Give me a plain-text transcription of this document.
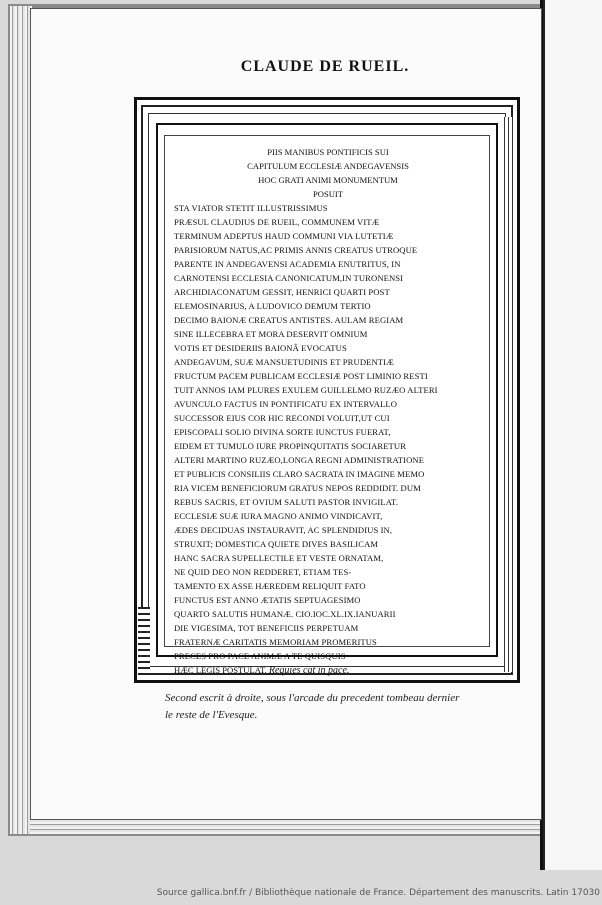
CLAUDE DE RUEIL.
PIIS MANIBUS PONTIFICIS SUI
CAPITULUM ECCLESIÆ ANDEGAVENSIS
HOC GRATI ANIMI MONUMENTUM
POSUIT
STA VIATOR STETIT ILLUSTRISSIMUS
PRÆSUL CLAUDIUS DE RUEIL, COMMUNEM VITÆ
TERMINUM ADEPTUS HAUD COMMUNI VIA LUTETIÆ
PARISIORUM NATUS,AC PRIMIS ANNIS CREATUS UTROQUE
PARENTE IN ANDEGAVENSI ACADEMIA ENUTRITUS, IN
CARNOTENSI ECCLESIA CANONICATUM,IN TURONENSI
ARCHIDIACONATUM GESSIT, HENRICI QUARTI POST
ELEMOSINARIUS, A LUDOVICO DEMUM TERTIO
DECIMO BAIONÆ CREATUS ANTISTES. AULAM REGIAM
SINE ILLECEBRA ET MORA DESERVIT OMNIUM
VOTIS ET DESIDERIIS BAIONÂ EVOCATUS
ANDEGAVUM, SUÆ MANSUETUDINIS ET PRUDENTIÆ
FRUCTUM PACEM PUBLICAM ECCLESIÆ POST LIMINIO RESTI
TUIT ANNOS IAM PLURES EXULEM GUILLELMO RUZÆO ALTERI
AVUNCULO FACTUS IN PONTIFICATU EX INTERVALLO
SUCCESSOR EIUS COR HIC RECONDI VOLUIT,UT CUI
EPISCOPALI SOLIO DIVINA SORTE IUNCTUS FUERAT,
EIDEM ET TUMULO IURE PROPINQUITATIS SOCIARETUR
ALTERI MARTINO RUZÆO,LONGA REGNI ADMINISTRATIONE
ET PUBLICIS CONSILIIS CLARO SACRATA IN IMAGINE MEMO
RIA VICEM BENEFICIORUM GRATUS NEPOS REDDIDIT. DUM
REBUS SACRIS, ET OVIUM SALUTI PASTOR INVIGILAT.
ECCLESIÆ SUÆ IURA MAGNO ANIMO VINDICAVIT,
ÆDES DECIDUAS INSTAURAVIT, AC SPLENDIDIUS IN,
STRUXIT; DOMESTICA QUIETE DIVES BASILICAM
HANC SACRA SUPELLECTILE ET VESTE ORNATAM,
NE QUID DEO NON REDDERET, ETIAM TES-
TAMENTO EX ASSE HÆREDEM RELIQUIT FATO
FUNCTUS EST ANNO ÆTATIS SEPTUAGESIMO
QUARTO SALUTIS HUMANÆ. CIO.IOC.XL.IX.IANUARII
DIE VIGESIMA, TOT BENEFICIIS PERPETUAM
FRATERNÆ CARITATIS MEMORIAM PROMERITUS
PRECES PRO PACE ANIMÆ A TE QUISQUIS
HÆC LEGIS POSTULAT. Requies cat in pace.
Second escrit à droite, sous l'arcade du precedent tombeau dernier
le reste de l'Evesque.
Source gallica.bnf.fr / Bibliothèque nationale de France. Département des manuscrits. Latin 17030
